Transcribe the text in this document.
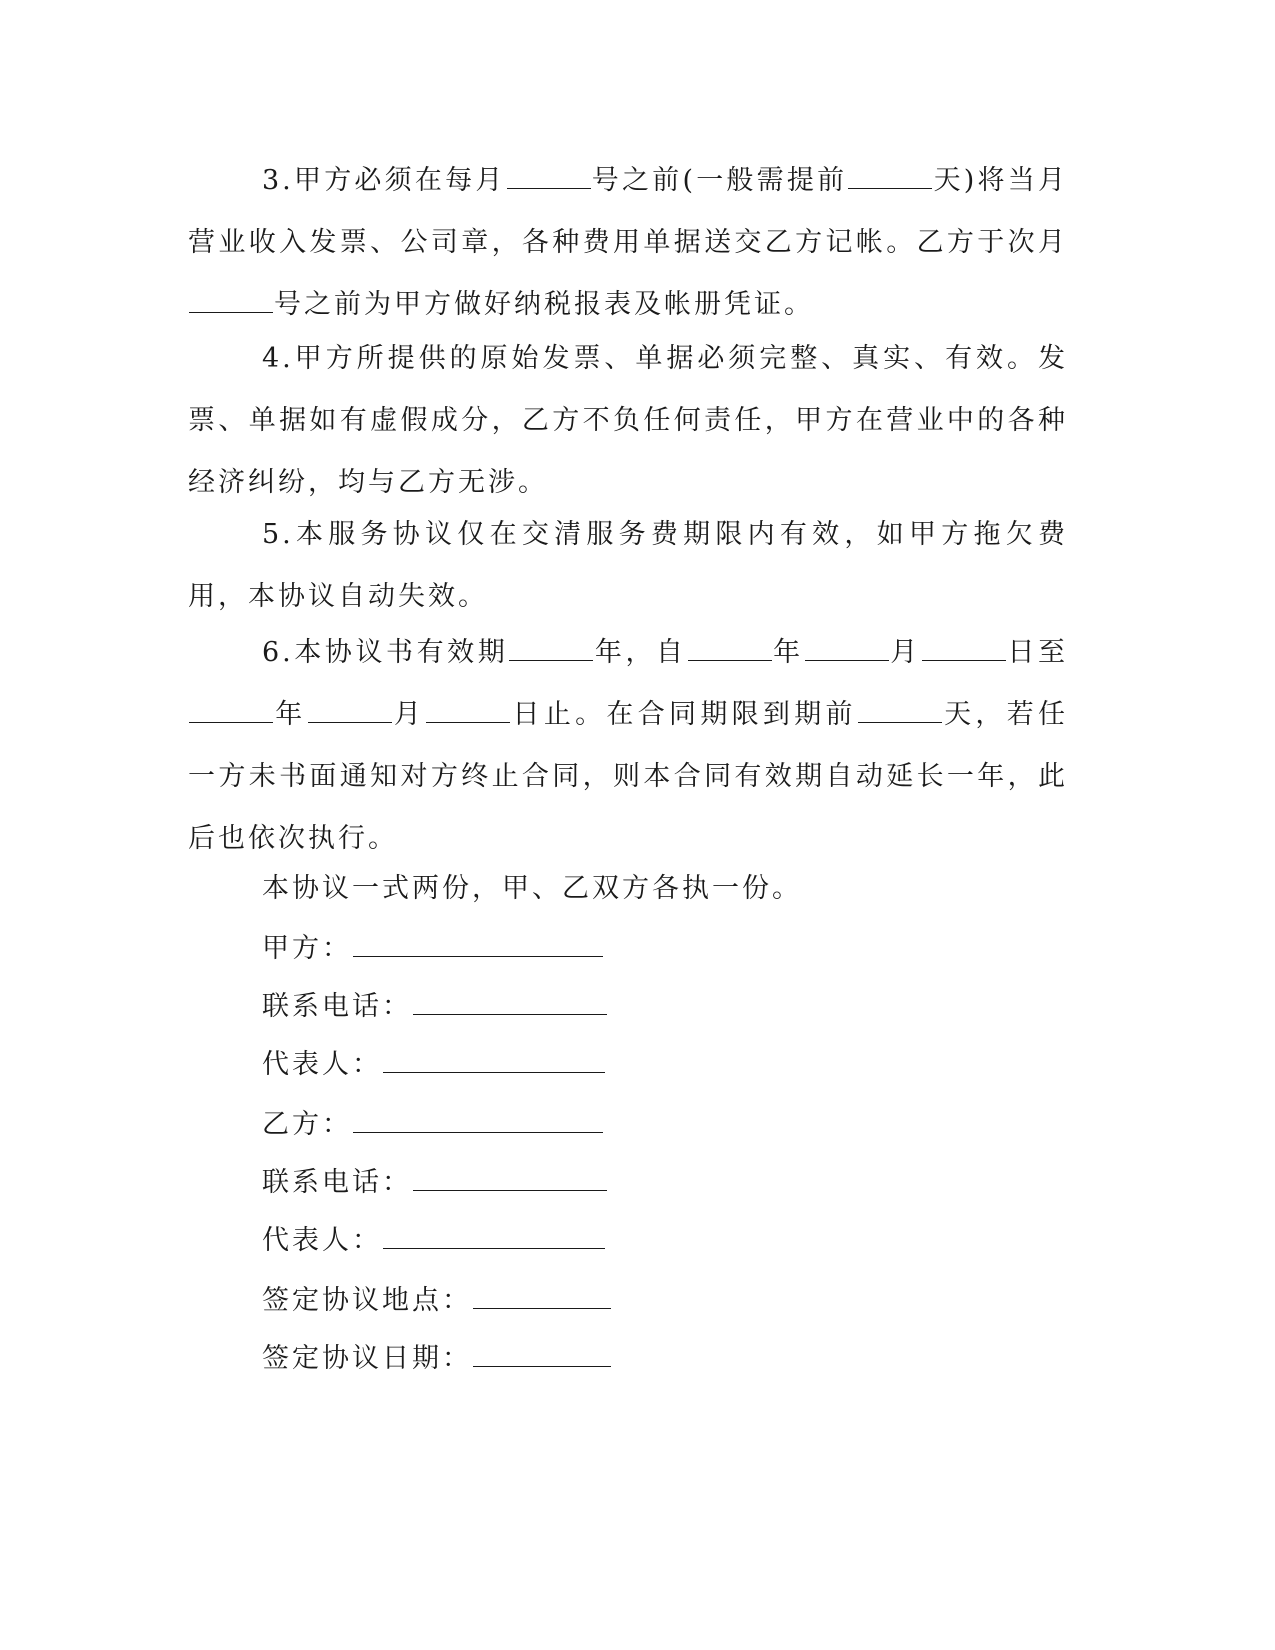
3.甲方必须在每月	号之前(一般需提前	天)将当月营业收入发票、公司章，各种费用单据送交乙方记帐。乙方于次月号之前为甲方做好纳税报表及帐册凭证。

4.甲方所提供的原始发票、单据必须完整、真实、有效。发票、单据如有虚假成分，乙方不负任何责任，甲方在营业中的各种经济纠纷，均与乙方无涉。

5.本服务协议仅在交清服务费期限内有效，如甲方拖欠费用，本协议自动失效。

6.本协议书有效期	年，自	年	月	日至年	月	日止。在合同期限到期前	天，若任一方未书面通知对方终止合同，则本合同有效期自动延长一年，此后也依次执行。

本协议一式两份，甲、乙双方各执一份。

甲方：

联系电话：

代表人：

乙方：

联系电话：

代表人：

签定协议地点：

签定协议日期：
